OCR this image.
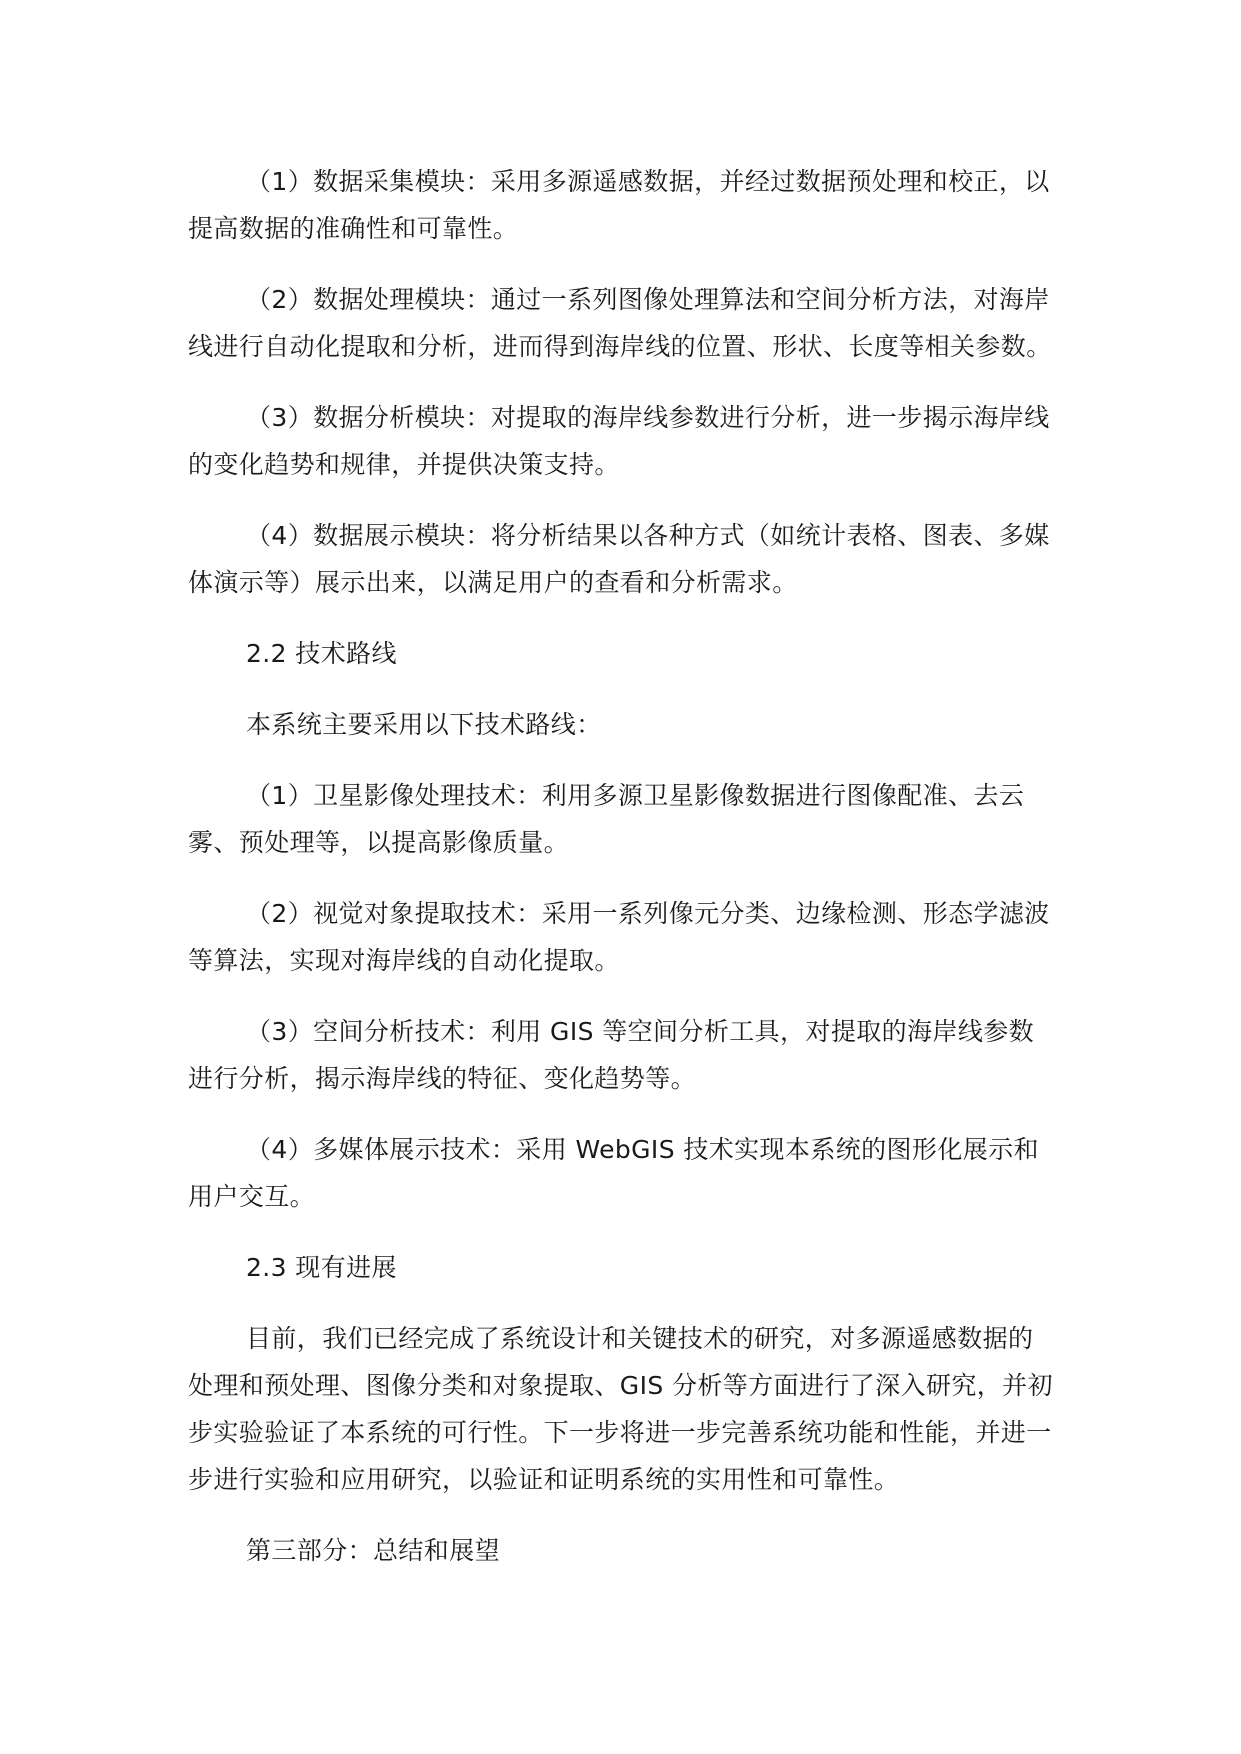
（1）数据采集模块：采用多源遥感数据，并经过数据预处理和校正，以提高数据的准确性和可靠性。

（2）数据处理模块：通过一系列图像处理算法和空间分析方法，对海岸线进行自动化提取和分析，进而得到海岸线的位置、形状、长度等相关参数。

（3）数据分析模块：对提取的海岸线参数进行分析，进一步揭示海岸线的变化趋势和规律，并提供决策支持。

（4）数据展示模块：将分析结果以各种方式（如统计表格、图表、多媒体演示等）展示出来，以满足用户的查看和分析需求。

2.2 技术路线

本系统主要采用以下技术路线：

（1）卫星影像处理技术：利用多源卫星影像数据进行图像配准、去云雾、预处理等，以提高影像质量。

（2）视觉对象提取技术：采用一系列像元分类、边缘检测、形态学滤波等算法，实现对海岸线的自动化提取。

（3）空间分析技术：利用 GIS 等空间分析工具，对提取的海岸线参数进行分析，揭示海岸线的特征、变化趋势等。

（4）多媒体展示技术：采用 WebGIS 技术实现本系统的图形化展示和用户交互。

2.3 现有进展

目前，我们已经完成了系统设计和关键技术的研究，对多源遥感数据的处理和预处理、图像分类和对象提取、GIS 分析等方面进行了深入研究，并初步实验验证了本系统的可行性。下一步将进一步完善系统功能和性能，并进一步进行实验和应用研究，以验证和证明系统的实用性和可靠性。

第三部分：总结和展望
